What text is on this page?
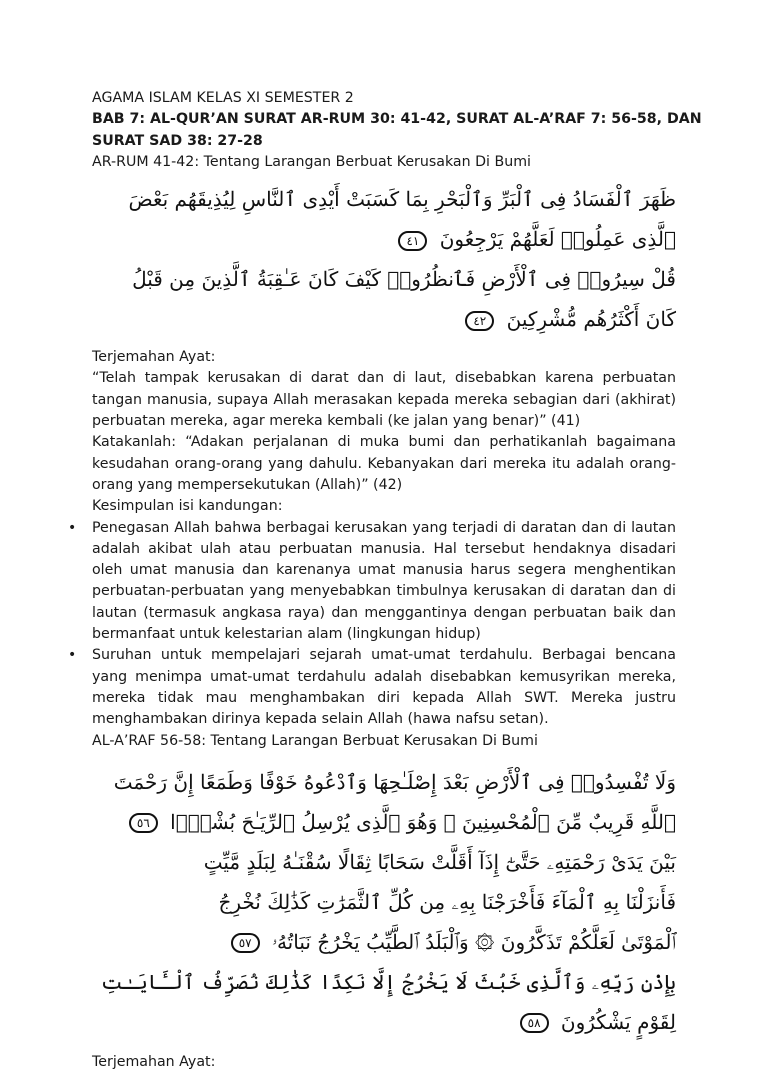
AGAMA ISLAM KELAS XI SEMESTER 2
BAB 7: AL-QUR’AN SURAT AR-RUM 30: 41-42, SURAT AL-A’RAF 7: 56-58, DAN
SURAT SAD 38: 27-28
AR-RUM 41-42: Tentang Larangan Berbuat Kerusakan Di Bumi
ظَهَرَ ٱلْفَسَادُ فِى ٱلْبَرِّ وَٱلْبَحْرِ بِمَا كَسَبَتْ أَيْدِى ٱلنَّاسِ لِيُذِيقَهُم بَعْضَ
ٱلَّذِى عَمِلُوا۟ لَعَلَّهُمْ يَرْجِعُونَ ٤١
قُلْ سِيرُوا۟ فِى ٱلْأَرْضِ فَٱنظُرُوا۟ كَيْفَ كَانَ عَـٰقِبَةُ ٱلَّذِينَ مِن قَبْلُ
كَانَ أَكْثَرُهُم مُّشْرِكِينَ ٤٢
Terjemahan Ayat:
“Telah tampak kerusakan di darat dan di laut, disebabkan karena perbuatan tangan manusia, supaya Allah merasakan kepada mereka sebagian dari (akhirat) perbuatan mereka, agar mereka kembali (ke jalan yang benar)” (41)
Katakanlah: “Adakan perjalanan di muka bumi dan perhatikanlah bagaimana kesudahan orang-orang yang dahulu. Kebanyakan dari mereka itu adalah orang-orang yang mempersekutukan (Allah)” (42)
Kesimpulan isi kandungan:
• Penegasan Allah bahwa berbagai kerusakan yang terjadi di daratan dan di lautan adalah akibat ulah atau perbuatan manusia. Hal tersebut hendaknya disadari oleh umat manusia dan karenanya umat manusia harus segera menghentikan perbuatan-perbuatan yang menyebabkan timbulnya kerusakan di daratan dan di lautan (termasuk angkasa raya) dan menggantinya dengan perbuatan baik dan bermanfaat untuk kelestarian alam (lingkungan hidup)
• Suruhan untuk mempelajari sejarah umat-umat terdahulu. Berbagai bencana yang menimpa umat-umat terdahulu adalah disebabkan kemusyrikan mereka, mereka tidak mau menghambakan diri kepada Allah SWT. Mereka justru menghambakan dirinya kepada selain Allah (hawa nafsu setan).
AL-A’RAF 56-58: Tentang Larangan Berbuat Kerusakan Di Bumi
وَلَا تُفْسِدُوا۟ فِى ٱلْأَرْضِ بَعْدَ إِصْلَـٰحِهَا وَٱدْعُوهُ خَوْفًا وَطَمَعًا إِنَّ رَحْمَتَ
ٱللَّهِ قَرِيبٌ مِّنَ ٱلْمُحْسِنِينَ ۞ وَهُوَ ٱلَّذِى يُرْسِلُ ٱلرِّيَـٰحَ بُشْرًۢا ٥٦
بَيْنَ يَدَىْ رَحْمَتِهِۦ حَتَّىٰٓ إِذَآ أَقَلَّتْ سَحَابًا ثِقَالًا سُقْنَـٰهُ لِبَلَدٍ مَّيِّتٍ
فَأَنزَلْنَا بِهِ ٱلْمَآءَ فَأَخْرَجْنَا بِهِۦ مِن كُلِّ ٱلثَّمَرَٰتِ كَذَٰلِكَ نُخْرِجُ
ٱلْمَوْتَىٰ لَعَلَّكُمْ تَذَكَّرُونَ ۞ وَٱلْبَلَدُ ٱلطَّيِّبُ يَخْرُجُ نَبَاتُهُۥ ٥٧
بِإِذْنِ رَبِّهِۦ وَٱلَّذِى خَبُثَ لَا يَخْرُجُ إِلَّا نَكِدًا كَذَٰلِكَ نُصَرِّفُ ٱلْـَٔايَـٰتِ
لِقَوْمٍ يَشْكُرُونَ ٥٨
Terjemahan Ayat:
